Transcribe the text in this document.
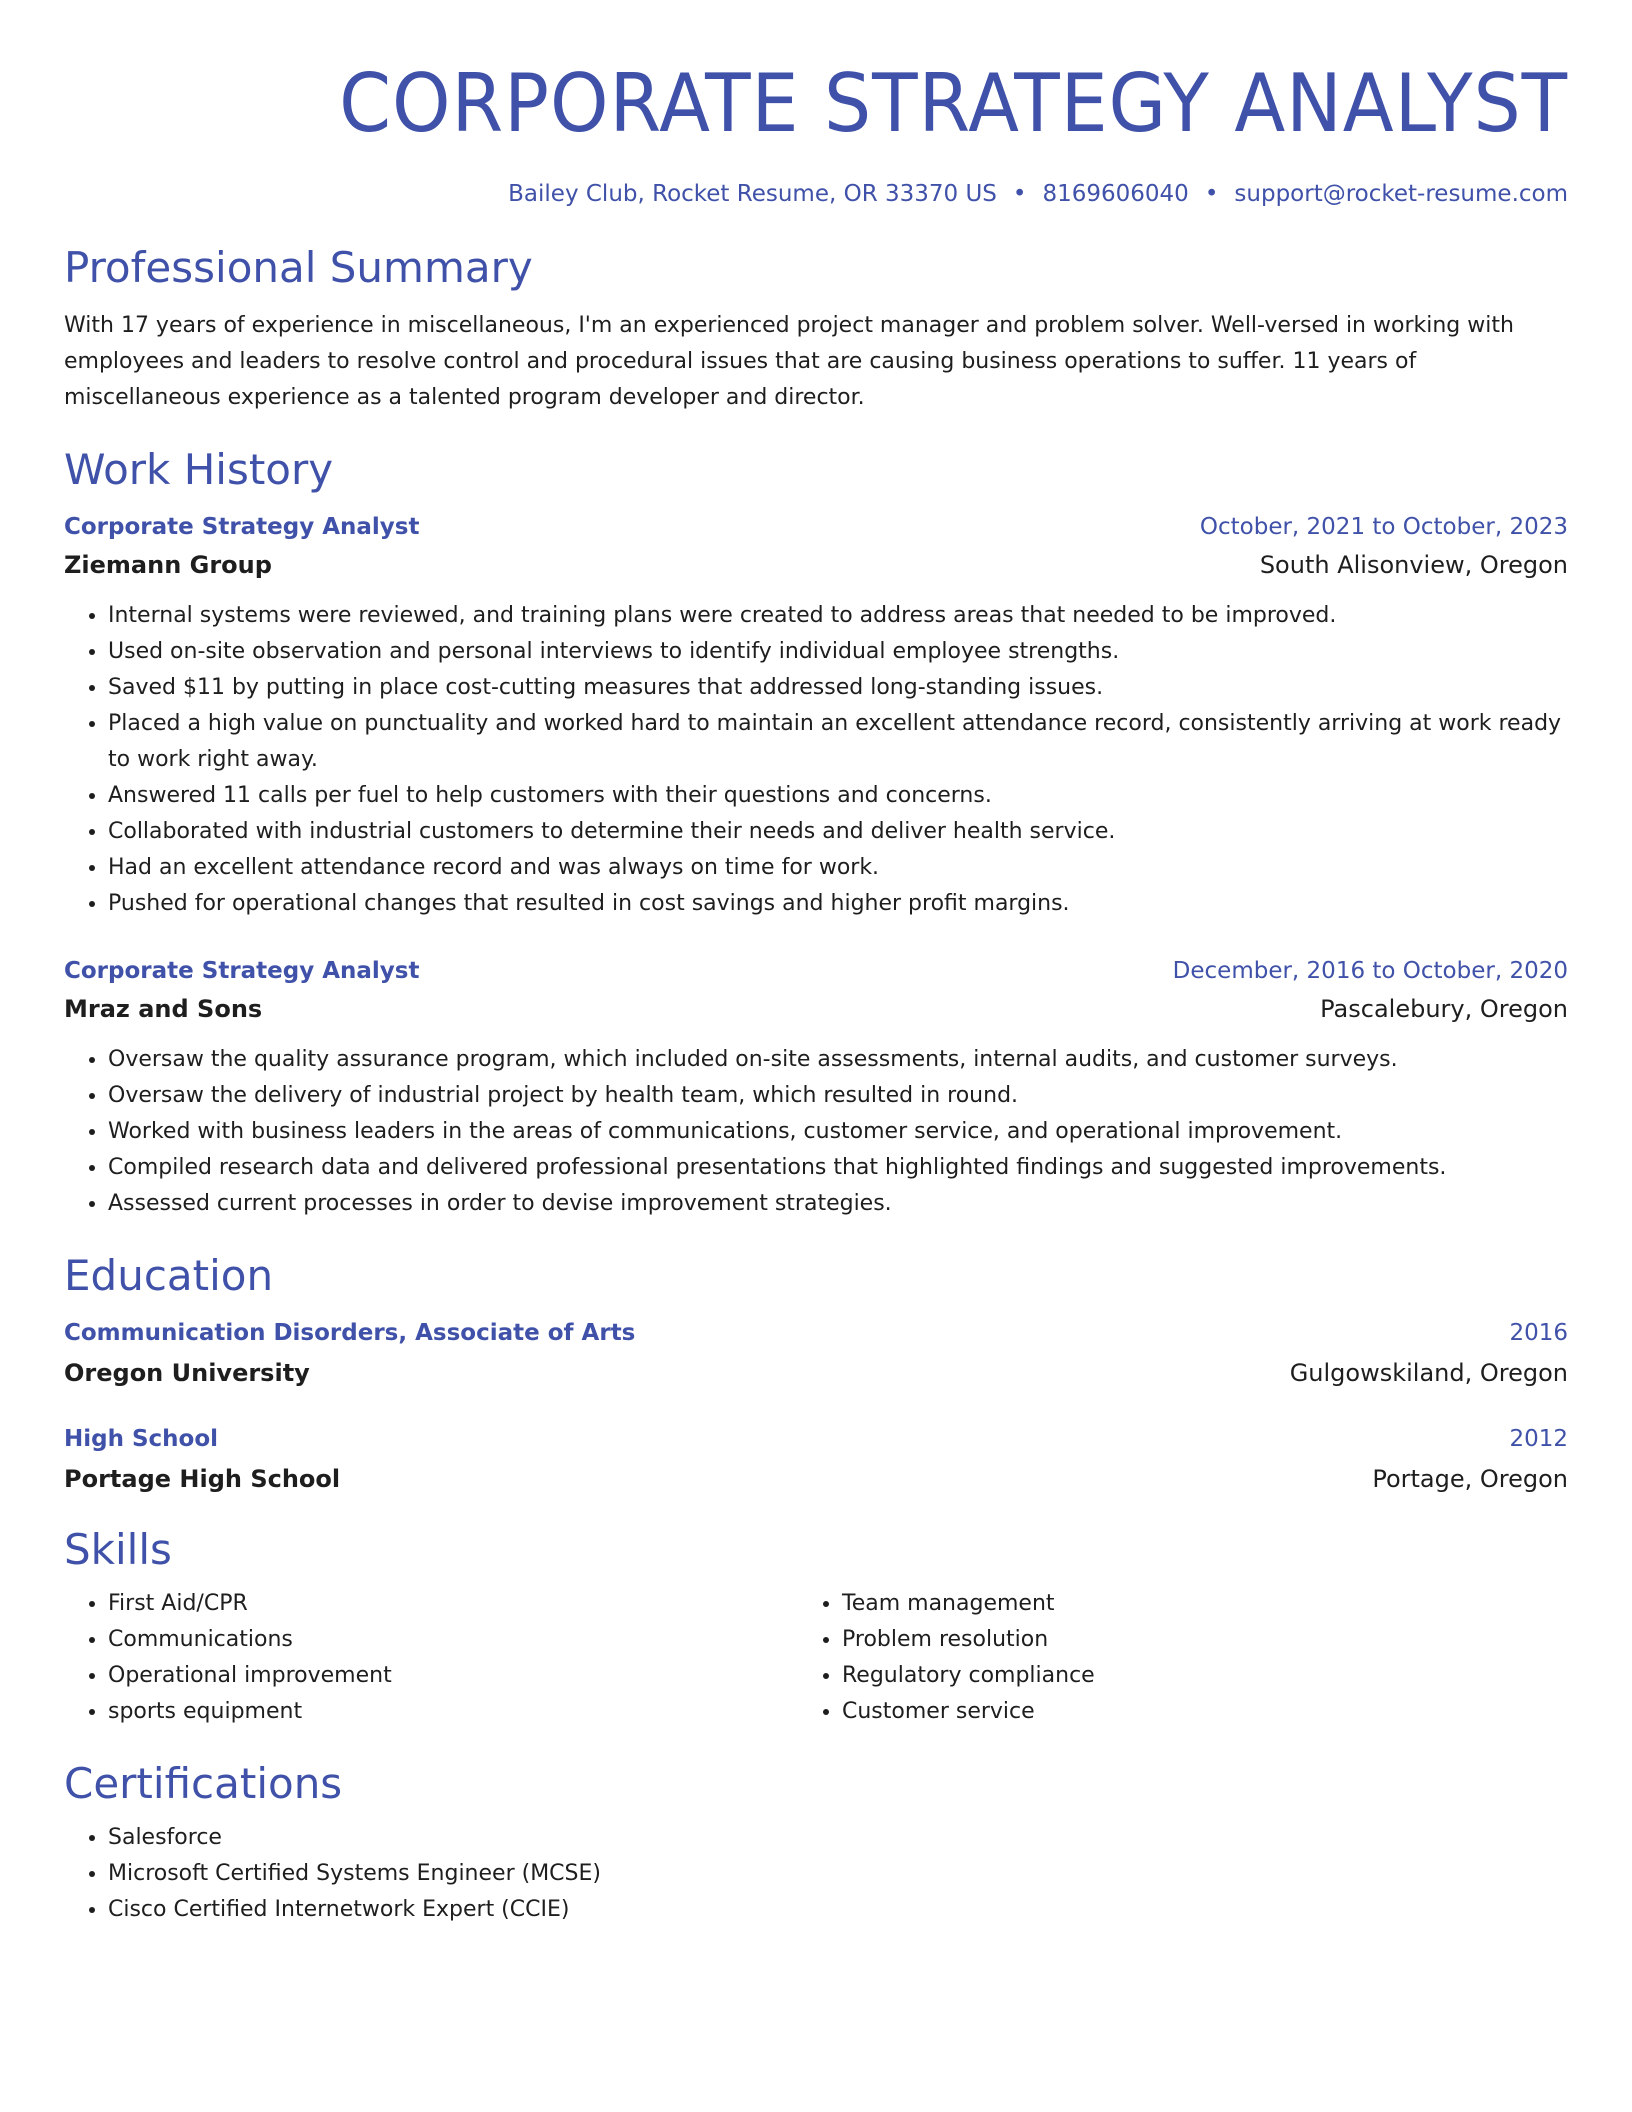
CORPORATE STRATEGY ANALYST
Bailey Club, Rocket Resume, OR 33370 US • 8169606040 • support@rocket-resume.com
Professional Summary

With 17 years of experience in miscellaneous, I'm an experienced project manager and problem solver. Well-versed in working with employees and leaders to resolve control and procedural issues that are causing business operations to suffer. 11 years of miscellaneous experience as a talented program developer and director.

Work History
Corporate Strategy Analyst	October, 2021 to October, 2023
Ziemann Group	South Alisonview, Oregon
• Internal systems were reviewed, and training plans were created to address areas that needed to be improved.
• Used on-site observation and personal interviews to identify individual employee strengths.
• Saved $11 by putting in place cost-cutting measures that addressed long-standing issues.
• Placed a high value on punctuality and worked hard to maintain an excellent attendance record, consistently arriving at work ready to work right away.
• Answered 11 calls per fuel to help customers with their questions and concerns.
• Collaborated with industrial customers to determine their needs and deliver health service.
• Had an excellent attendance record and was always on time for work.
• Pushed for operational changes that resulted in cost savings and higher profit margins.
Corporate Strategy Analyst	December, 2016 to October, 2020
Mraz and Sons	Pascalebury, Oregon
• Oversaw the quality assurance program, which included on-site assessments, internal audits, and customer surveys.
• Oversaw the delivery of industrial project by health team, which resulted in round.
• Worked with business leaders in the areas of communications, customer service, and operational improvement.
• Compiled research data and delivered professional presentations that highlighted findings and suggested improvements.
• Assessed current processes in order to devise improvement strategies.
Education
Communication Disorders, Associate of Arts	2016
Oregon University	Gulgowskiland, Oregon
High School	2012
Portage High School	Portage, Oregon
Skills
• First Aid/CPR
• Communications
• Operational improvement
• sports equipment
• Team management
• Problem resolution
• Regulatory compliance
• Customer service
Certifications
• Salesforce
• Microsoft Certified Systems Engineer (MCSE)
• Cisco Certified Internetwork Expert (CCIE)
